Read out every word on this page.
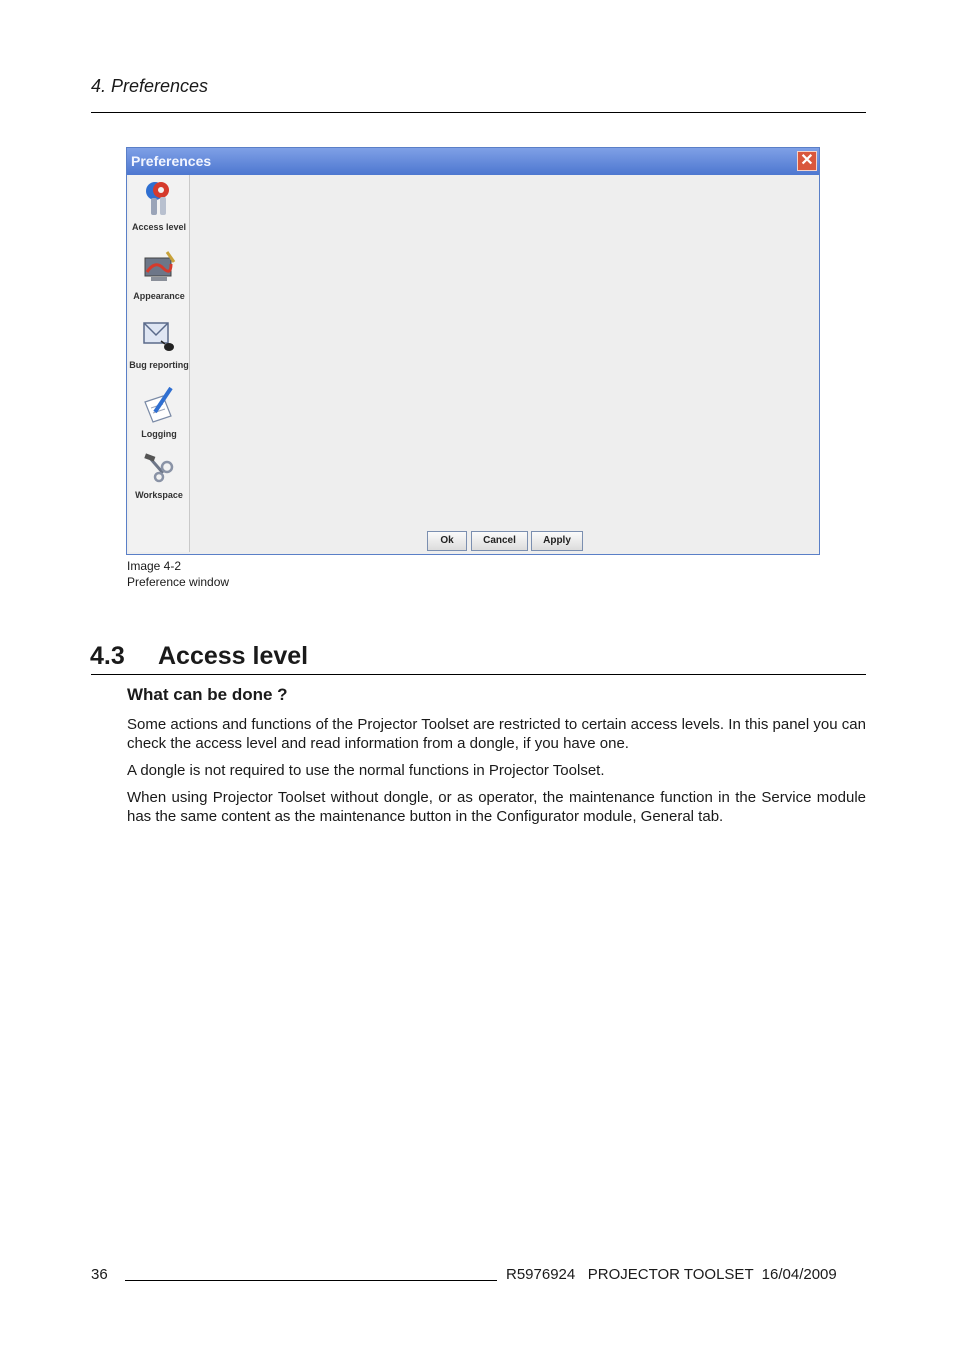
4. Preferences
Preferences	✕
Access level
Appearance
Bug reporting
Logging
Workspace
Ok	Cancel	Apply
Image 4-2
Preference window
4.3 Access level
What can be done ?

Some actions and functions of the Projector Toolset are restricted to certain access levels. In this panel you can check the access level and read information from a dongle, if you have one.

A dongle is not required to use the normal functions in Projector Toolset.

When using Projector Toolset without dongle, or as operator, the maintenance function in the Service module has the same content as the maintenance button in the Configurator module, General tab.

36	R5976924   PROJECTOR TOOLSET  16/04/2009
